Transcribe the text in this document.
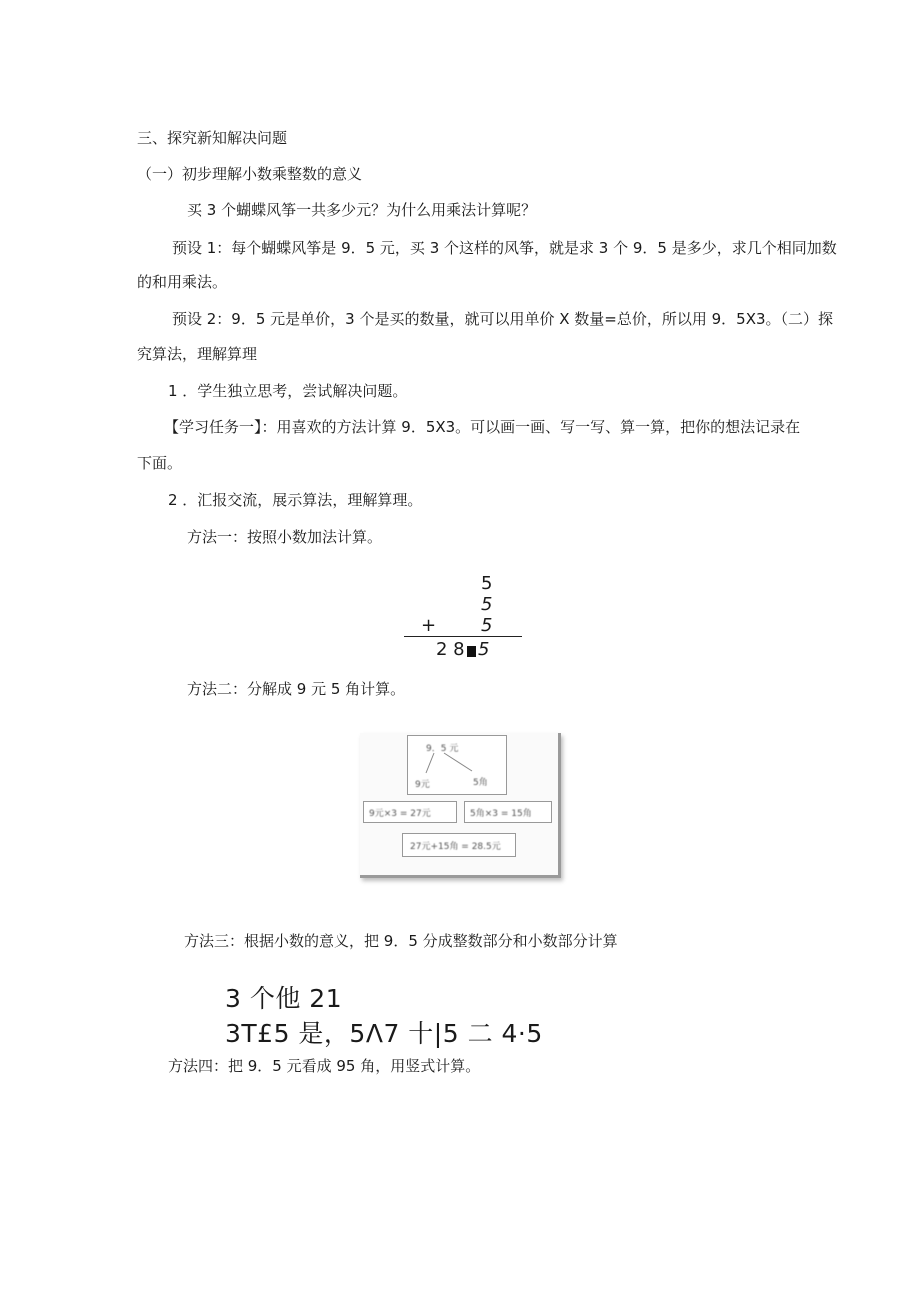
三、探究新知解决问题
（一）初步理解小数乘整数的意义
买 3 个蝴蝶风筝一共多少元？为什么用乘法计算呢？
预设 1：每个蝴蝶风筝是 9．5 元，买 3 个这样的风筝，就是求 3 个 9．5 是多少，求几个相同加数
的和用乘法。
预设 2：9．5 元是单价，3 个是买的数量，就可以用单价 X 数量=总价，所以用 9．5X3。（二）探
究算法，理解算理
1 ．学生独立思考，尝试解决问题。
【学习任务一】：用喜欢的方法计算 9．5X3。可以画一画、写一写、算一算，把你的想法记录在
下面。
2 ．汇报交流，展示算法，理解算理。
方法一：按照小数加法计算。
5
5
+ 5
2 8 5
方法二：分解成 9 元 5 角计算。
9．5 元
9元	5角
9元×3 = 27元	5角×3 = 15角
27元+15角 = 28.5元
方法三：根据小数的意义，把 9．5 分成整数部分和小数部分计算
3 个他 21
3T£5 是，5Λ7 十|5 二 4·5
方法四：把 9．5 元看成 95 角，用竖式计算。
